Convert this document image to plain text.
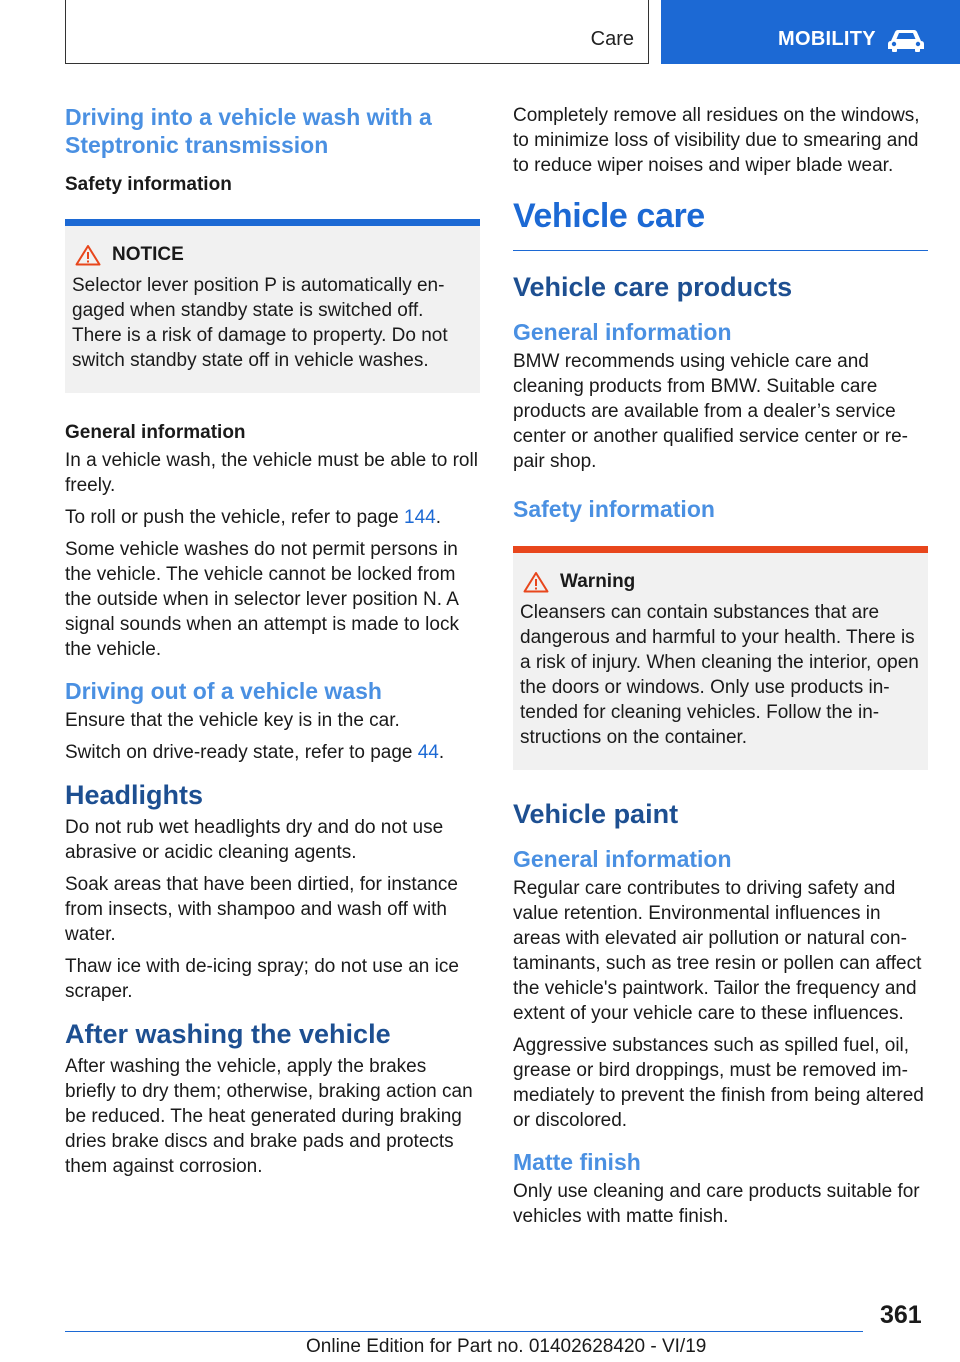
Care	MOBILITY
Driving into a vehicle wash with a Steptronic transmission
Safety information
NOTICE

Selector lever position P is automatically engaged when standby state is switched off. There is a risk of damage to property. Do not switch standby state off in vehicle washes.

General information

In a vehicle wash, the vehicle must be able to roll freely.

To roll or push the vehicle, refer to page 144.

Some vehicle washes do not permit persons in the vehicle. The vehicle cannot be locked from the outside when in selector lever position N. A signal sounds when an attempt is made to lock the vehicle.

Driving out of a vehicle wash

Ensure that the vehicle key is in the car.

Switch on drive-ready state, refer to page 44.

Headlights

Do not rub wet headlights dry and do not use abrasive or acidic cleaning agents.

Soak areas that have been dirtied, for instance from insects, with shampoo and wash off with water.

Thaw ice with de-icing spray; do not use an ice scraper.

After washing the vehicle

After washing the vehicle, apply the brakes briefly to dry them; otherwise, braking action can be reduced. The heat generated during braking dries brake discs and brake pads and protects them against corrosion.

Completely remove all residues on the windows, to minimize loss of visibility due to smearing and to reduce wiper noises and wiper blade wear.

Vehicle care
Vehicle care products
General information

BMW recommends using vehicle care and cleaning products from BMW. Suitable care products are available from a dealer’s service center or another qualified service center or repair shop.

Safety information
Warning

Cleansers can contain substances that are dangerous and harmful to your health. There is a risk of injury. When cleaning the interior, open the doors or windows. Only use products intended for cleaning vehicles. Follow the instructions on the container.

Vehicle paint
General information

Regular care contributes to driving safety and value retention. Environmental influences in areas with elevated air pollution or natural contaminants, such as tree resin or pollen can affect the vehicle's paintwork. Tailor the frequency and extent of your vehicle care to these influences.

Aggressive substances such as spilled fuel, oil, grease or bird droppings, must be removed immediately to prevent the finish from being altered or discolored.

Matte finish

Only use cleaning and care products suitable for vehicles with matte finish.

361
Online Edition for Part no. 01402628420 - VI/19
